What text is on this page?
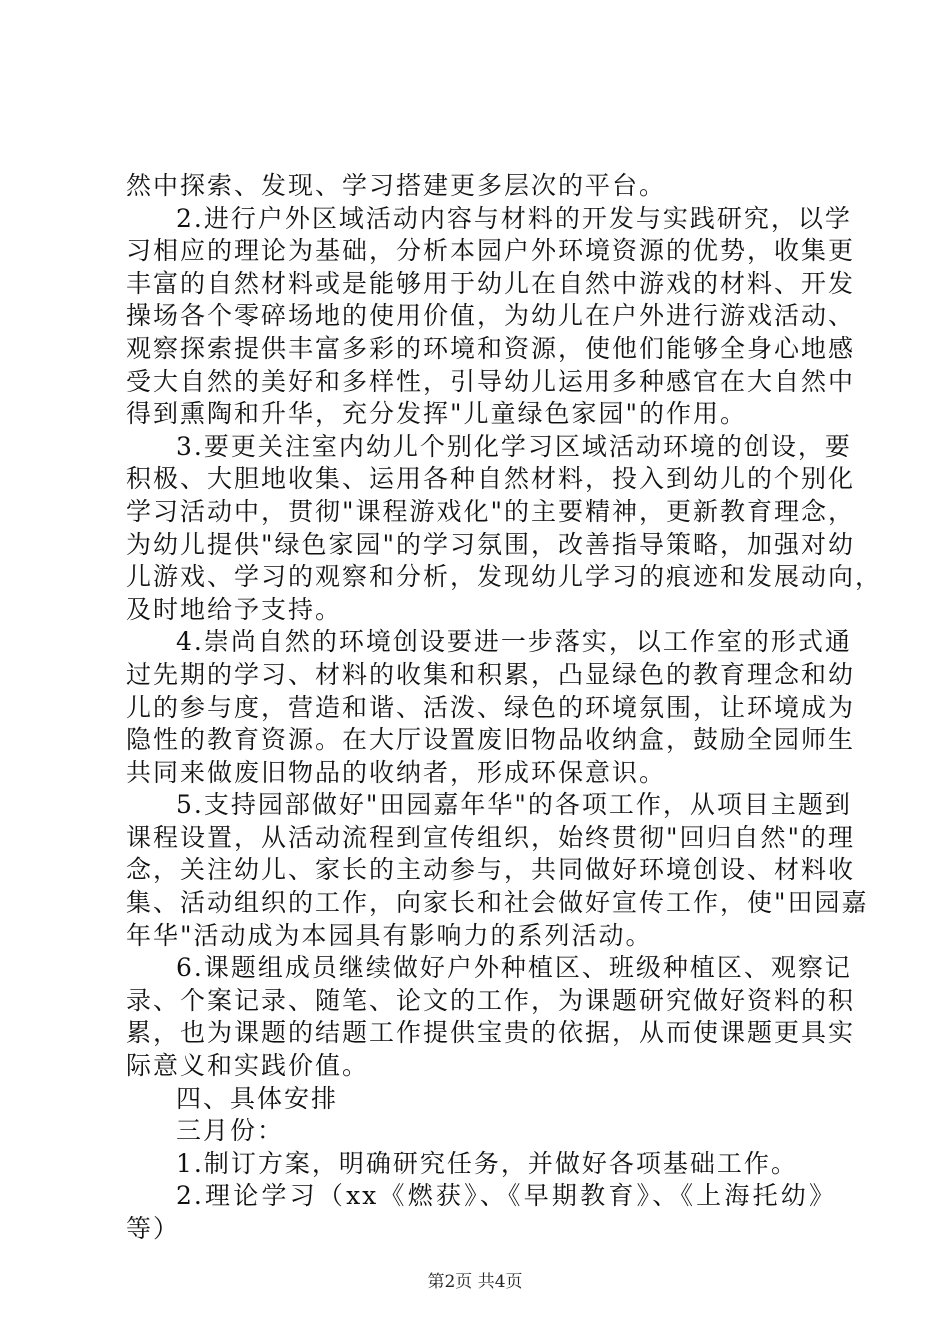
然中探索、发现、学习搭建更多层次的平台。
2.进行户外区域活动内容与材料的开发与实践研究，以学
习相应的理论为基础，分析本园户外环境资源的优势，收集更
丰富的自然材料或是能够用于幼儿在自然中游戏的材料、开发
操场各个零碎场地的使用价值，为幼儿在户外进行游戏活动、
观察探索提供丰富多彩的环境和资源，使他们能够全身心地感
受大自然的美好和多样性，引导幼儿运用多种感官在大自然中
得到熏陶和升华，充分发挥"儿童绿色家园"的作用。
3.要更关注室内幼儿个别化学习区域活动环境的创设，要
积极、大胆地收集、运用各种自然材料，投入到幼儿的个别化
学习活动中，贯彻"课程游戏化"的主要精神，更新教育理念，
为幼儿提供"绿色家园"的学习氛围，改善指导策略，加强对幼
儿游戏、学习的观察和分析，发现幼儿学习的痕迹和发展动向，
及时地给予支持。
4.崇尚自然的环境创设要进一步落实，以工作室的形式通
过先期的学习、材料的收集和积累，凸显绿色的教育理念和幼
儿的参与度，营造和谐、活泼、绿色的环境氛围，让环境成为
隐性的教育资源。在大厅设置废旧物品收纳盒，鼓励全园师生
共同来做废旧物品的收纳者，形成环保意识。
5.支持园部做好"田园嘉年华"的各项工作，从项目主题到
课程设置，从活动流程到宣传组织，始终贯彻"回归自然"的理
念，关注幼儿、家长的主动参与，共同做好环境创设、材料收
集、活动组织的工作，向家长和社会做好宣传工作，使"田园嘉
年华"活动成为本园具有影响力的系列活动。
6.课题组成员继续做好户外种植区、班级种植区、观察记
录、个案记录、随笔、论文的工作，为课题研究做好资料的积
累，也为课题的结题工作提供宝贵的依据，从而使课题更具实
际意义和实践价值。
四、具体安排
三月份：
1.制订方案，明确研究任务，并做好各项基础工作。
2.理论学习（xx《燃获》、《早期教育》、《上海托幼》
等）
第2页 共4页
